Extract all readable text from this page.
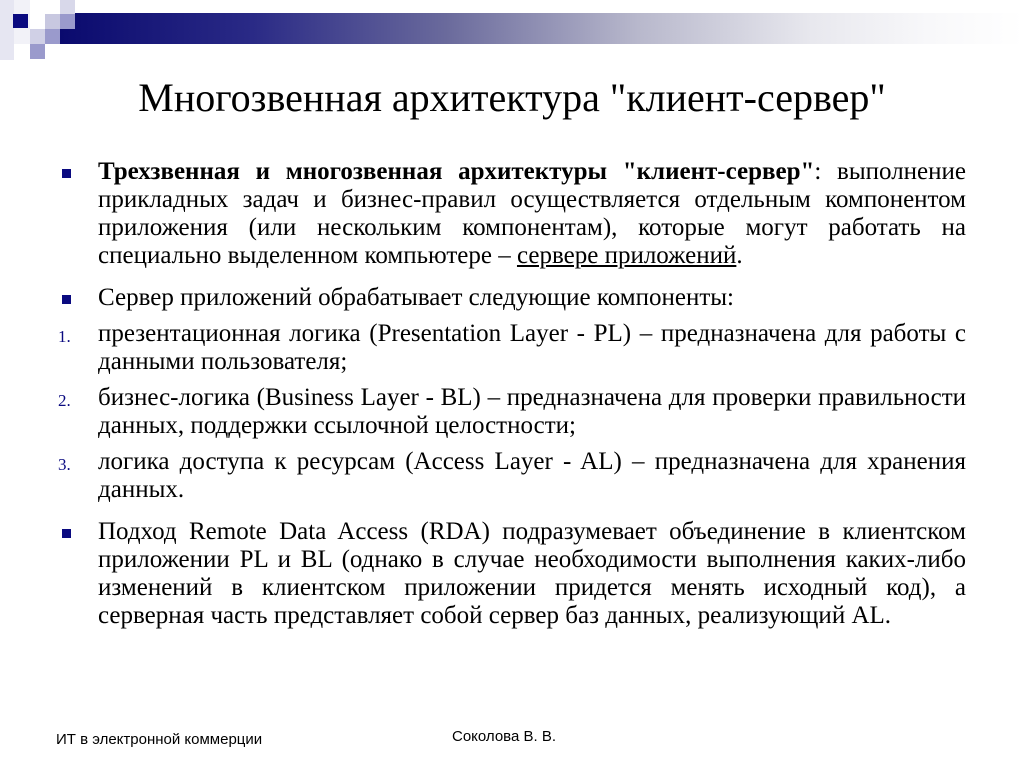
Многозвенная архитектура "клиент-сервер"
Трехзвенная и многозвенная архитектуры "клиент-сервер": выполнение прикладных задач и бизнес-правил осуществляется отдельным компонентом приложения (или нескольким компонентам), которые могут работать на специально выделенном компьютере – сервере приложений.
Сервер приложений обрабатывает следующие компоненты:
1. презентационная логика (Presentation Layer - PL) – предназначена для работы с данными пользователя;
2. бизнес-логика (Business Layer - BL) – предназначена для проверки правильности данных, поддержки ссылочной целостности;
3. логика доступа к ресурсам (Access Layer - AL) – предназначена для хранения данных.
Подход Remote Data Access (RDA) подразумевает объединение в клиентском приложении PL и BL (однако в случае необходимости выполнения каких-либо изменений в клиентском приложении придется менять исходный код), а серверная часть представляет собой сервер баз данных, реализующий AL.
ИТ в электронной коммерции	Соколова В. В.
